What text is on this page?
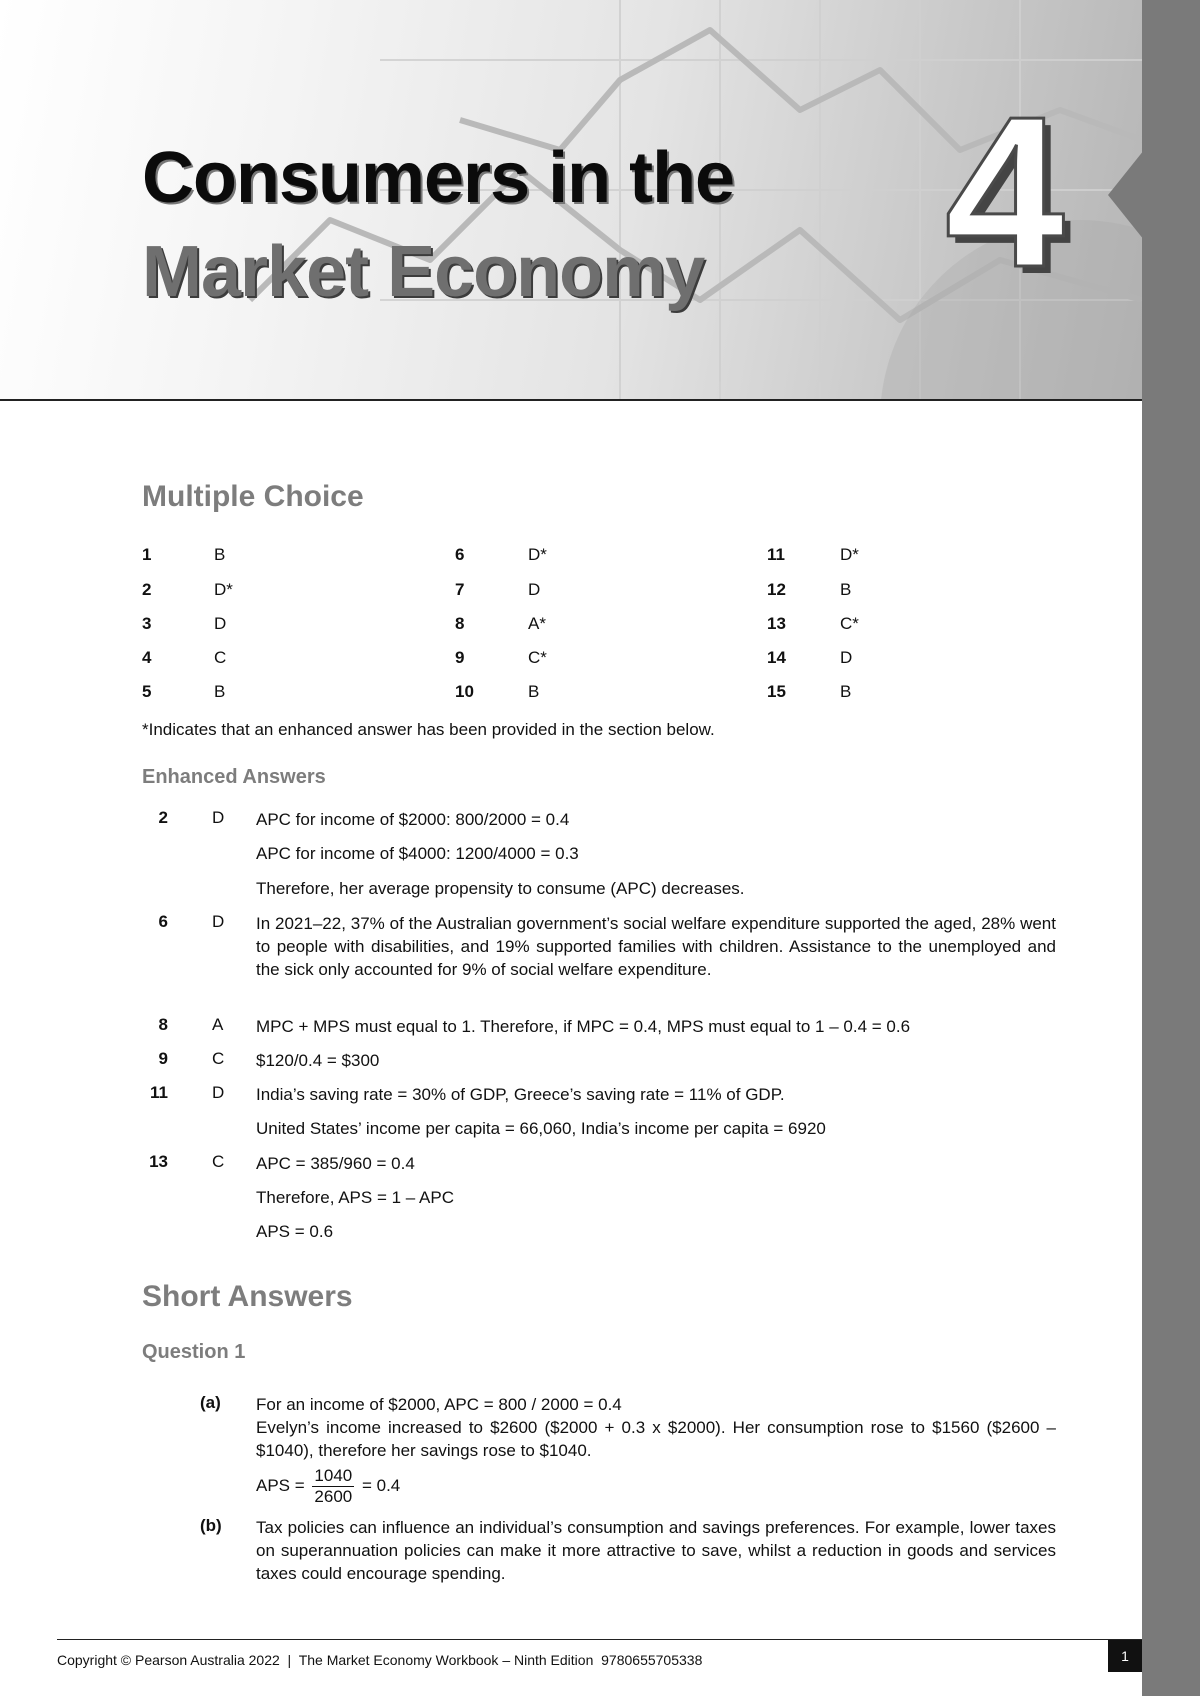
Consumers in the
Market Economy 4
Multiple Choice
1	B
2	D*
3	D
4	C
5	B
6	D*
7	D
8	A*
9	C*
10	B
11	D*
12	B
13	C*
14	D
15	B
*Indicates that an enhanced answer has been provided in the section below.
Enhanced Answers
2	D APC for income of $2000: 800/2000 = 0.4
APC for income of $4000: 1200/4000 = 0.3
Therefore, her average propensity to consume (APC) decreases.
6	D In 2021–22, 37% of the Australian government’s social welfare expenditure supported the aged, 28% went to people with disabilities, and 19% supported families with children. Assistance to the unemployed and the sick only accounted for 9% of social welfare expenditure.
8	A MPC + MPS must equal to 1. Therefore, if MPC = 0.4, MPS must equal to 1 – 0.4 = 0.6
9	C $120/0.4 = $300
11	D India’s saving rate = 30% of GDP, Greece’s saving rate = 11% of GDP.
United States’ income per capita = 66,060, India’s income per capita = 6920
13	C APC = 385/960 = 0.4
Therefore, APS = 1 – APC
APS = 0.6
Short Answers
Question 1
(a) For an income of $2000, APC = 800 / 2000 = 0.4
Evelyn’s income increased to $2600 ($2000 + 0.3 x $2000). Her consumption rose to $1560 ($2600 – $1040), therefore her savings rose to $1040.
APS = $\frac{1040}{2600} = 0.4$
(b) Tax policies can influence an individual’s consumption and savings preferences. For example, lower taxes on superannuation policies can make it more attractive to save, whilst a reduction in goods and services taxes could encourage spending.
Copyright © Pearson Australia 2022  |  The Market Economy Workbook – Ninth Edition  9780655705338	1
